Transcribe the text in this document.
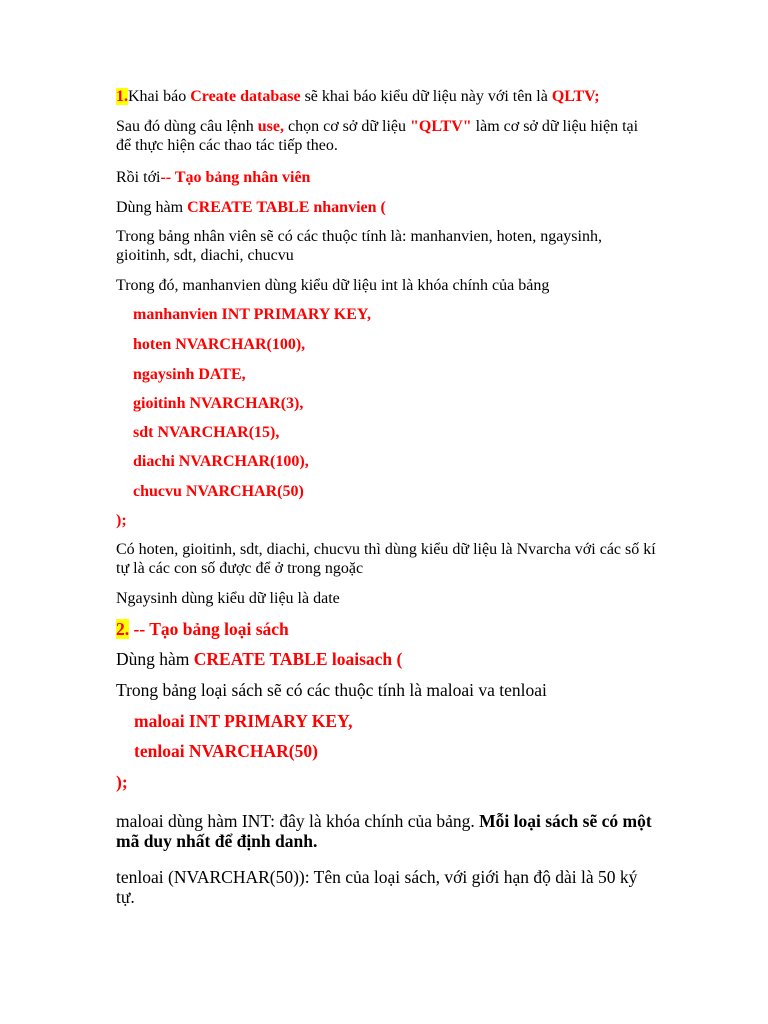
1.Khai báo Create database sẽ khai báo kiểu dữ liệu này với tên là QLTV;

Sau đó dùng câu lệnh use, chọn cơ sở dữ liệu "QLTV" làm cơ sở dữ liệu hiện tại để thực hiện các thao tác tiếp theo.

Rồi tới-- Tạo bảng nhân viên

Dùng hàm CREATE TABLE nhanvien (

Trong bảng nhân viên sẽ có các thuộc tính là: manhanvien, hoten, ngaysinh, gioitinh, sdt, diachi, chucvu

Trong đó, manhanvien dùng kiểu dữ liệu int là khóa chính của bảng

manhanvien INT PRIMARY KEY,

hoten NVARCHAR(100),

ngaysinh DATE,

gioitinh NVARCHAR(3),

sdt NVARCHAR(15),

diachi NVARCHAR(100),

chucvu NVARCHAR(50)

);

Có hoten, gioitinh, sdt, diachi, chucvu thì dùng kiểu dữ liệu là Nvarcha với các số kí tự là các con số được để ở trong ngoặc

Ngaysinh dùng kiểu dữ liệu là date

2. -- Tạo bảng loại sách

Dùng hàm CREATE TABLE loaisach (

Trong bảng loại sách sẽ có các thuộc tính là maloai va tenloai

maloai INT PRIMARY KEY,

tenloai NVARCHAR(50)

);

maloai dùng hàm INT: đây là khóa chính của bảng. Mỗi loại sách sẽ có một mã duy nhất để định danh.

tenloai (NVARCHAR(50)): Tên của loại sách, với giới hạn độ dài là 50 ký tự.
